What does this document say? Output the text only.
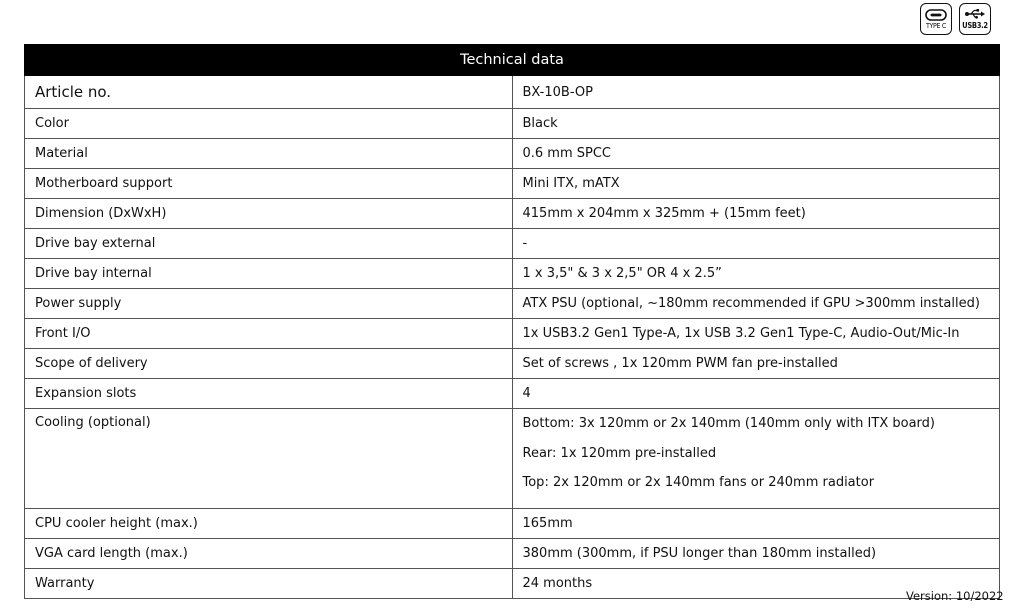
TYPE C USB3.2
Technical data	
Article no.	BX-10B-OP
Color	Black
Material	0.6 mm SPCC
Motherboard support	Mini ITX, mATX
Dimension (DxWxH)	415mm x 204mm x 325mm + (15mm feet)
Drive bay external	-
Drive bay internal	1 x 3,5" & 3 x 2,5" OR 4 x 2.5”
Power supply	ATX PSU (optional, ~180mm recommended if GPU >300mm installed)
Front I/O	1x USB3.2 Gen1 Type-A, 1x USB 3.2 Gen1 Type-C, Audio-Out/Mic-In
Scope of delivery	Set of screws , 1x 120mm PWM fan pre-installed
Expansion slots	4
Cooling (optional)	Bottom: 3x 120mm or 2x 140mm (140mm only with ITX board)
Rear: 1x 120mm pre-installed
Top: 2x 120mm or 2x 140mm fans or 240mm radiator

CPU cooler height (max.)	165mm
VGA card length (max.)	380mm (300mm, if PSU longer than 180mm installed)
Warranty	24 months
Version: 10/2022
